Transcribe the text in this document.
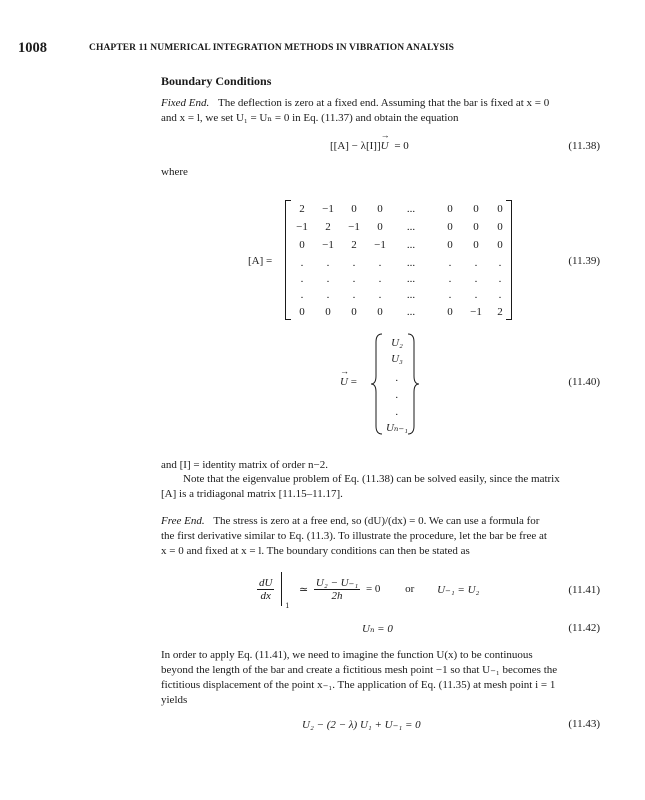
1008	CHAPTER 11 NUMERICAL INTEGRATION METHODS IN VIBRATION ANALYSIS
Boundary Conditions
Fixed End. The deflection is zero at a fixed end. Assuming that the bar is fixed at x = 0
and x = l, we set U₁ = Uₙ = 0 in Eq. (11.37) and obtain the equation
[[A] − λ[I]]→ U = 0	(11.38)
where
[A] =
2	−1	0	0	...	0	0	0
−1	2	−1	0	...	0	0	0
0	−1	2	−1	...	0	0	0
.	.	.	.	...	.	.	.
.	.	.	.	...	.	.	.
.	.	.	.	...	.	.	.
0	0	0	0	...	0	−1	2
(11.39)
→ U =
U₂
U₃
.
.
.
Uₙ₋₁
(11.40)
and [I] = identity matrix of order n−2.
Note that the eigenvalue problem of Eq. (11.38) can be solved easily, since the matrix
[A] is a tridiagonal matrix [11.15–11.17].
Free End. The stress is zero at a free end, so (dU)/(dx) = 0. We can use a formula for
the first derivative similar to Eq. (11.3). To illustrate the procedure, let the bar be free at
x = 0 and fixed at x = l. The boundary conditions can then be stated as
$\frac{dU}{dx}$

1
≃ $\frac{\text{U₂ − U₋₁}}{2h} = 0$ or U₋₁ = U₂	(11.41)
Uₙ = 0	(11.42)
In order to apply Eq. (11.41), we need to imagine the function U(x) to be continuous
beyond the length of the bar and create a fictitious mesh point −1 so that U₋₁ becomes the
fictitious displacement of the point x₋₁. The application of Eq. (11.35) at mesh point i = 1
yields
U₂ − (2 − λ) U₁ + U₋₁ = 0	(11.43)
